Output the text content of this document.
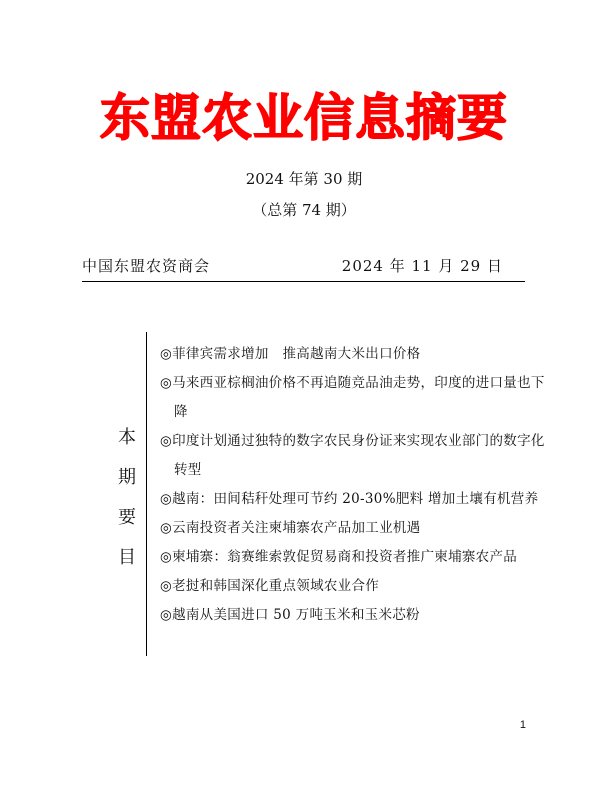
东盟农业信息摘要
2024 年第 30 期
（总第 74 期）
中国东盟农资商会	2024 年 11 月 29 日
本
期
要
目
◎菲律宾需求增加　推高越南大米出口价格
◎马来西亚棕榈油价格不再追随竞品油走势，印度的进口量也下降
◎印度计划通过独特的数字农民身份证来实现农业部门的数字化转型
◎越南：田间秸秆处理可节约 20-30%肥料 增加土壤有机营养
◎云南投资者关注柬埔寨农产品加工业机遇
◎柬埔寨：翁赛维索敦促贸易商和投资者推广柬埔寨农产品
◎老挝和韩国深化重点领域农业合作
◎越南从美国进口 50 万吨玉米和玉米芯粉
1
